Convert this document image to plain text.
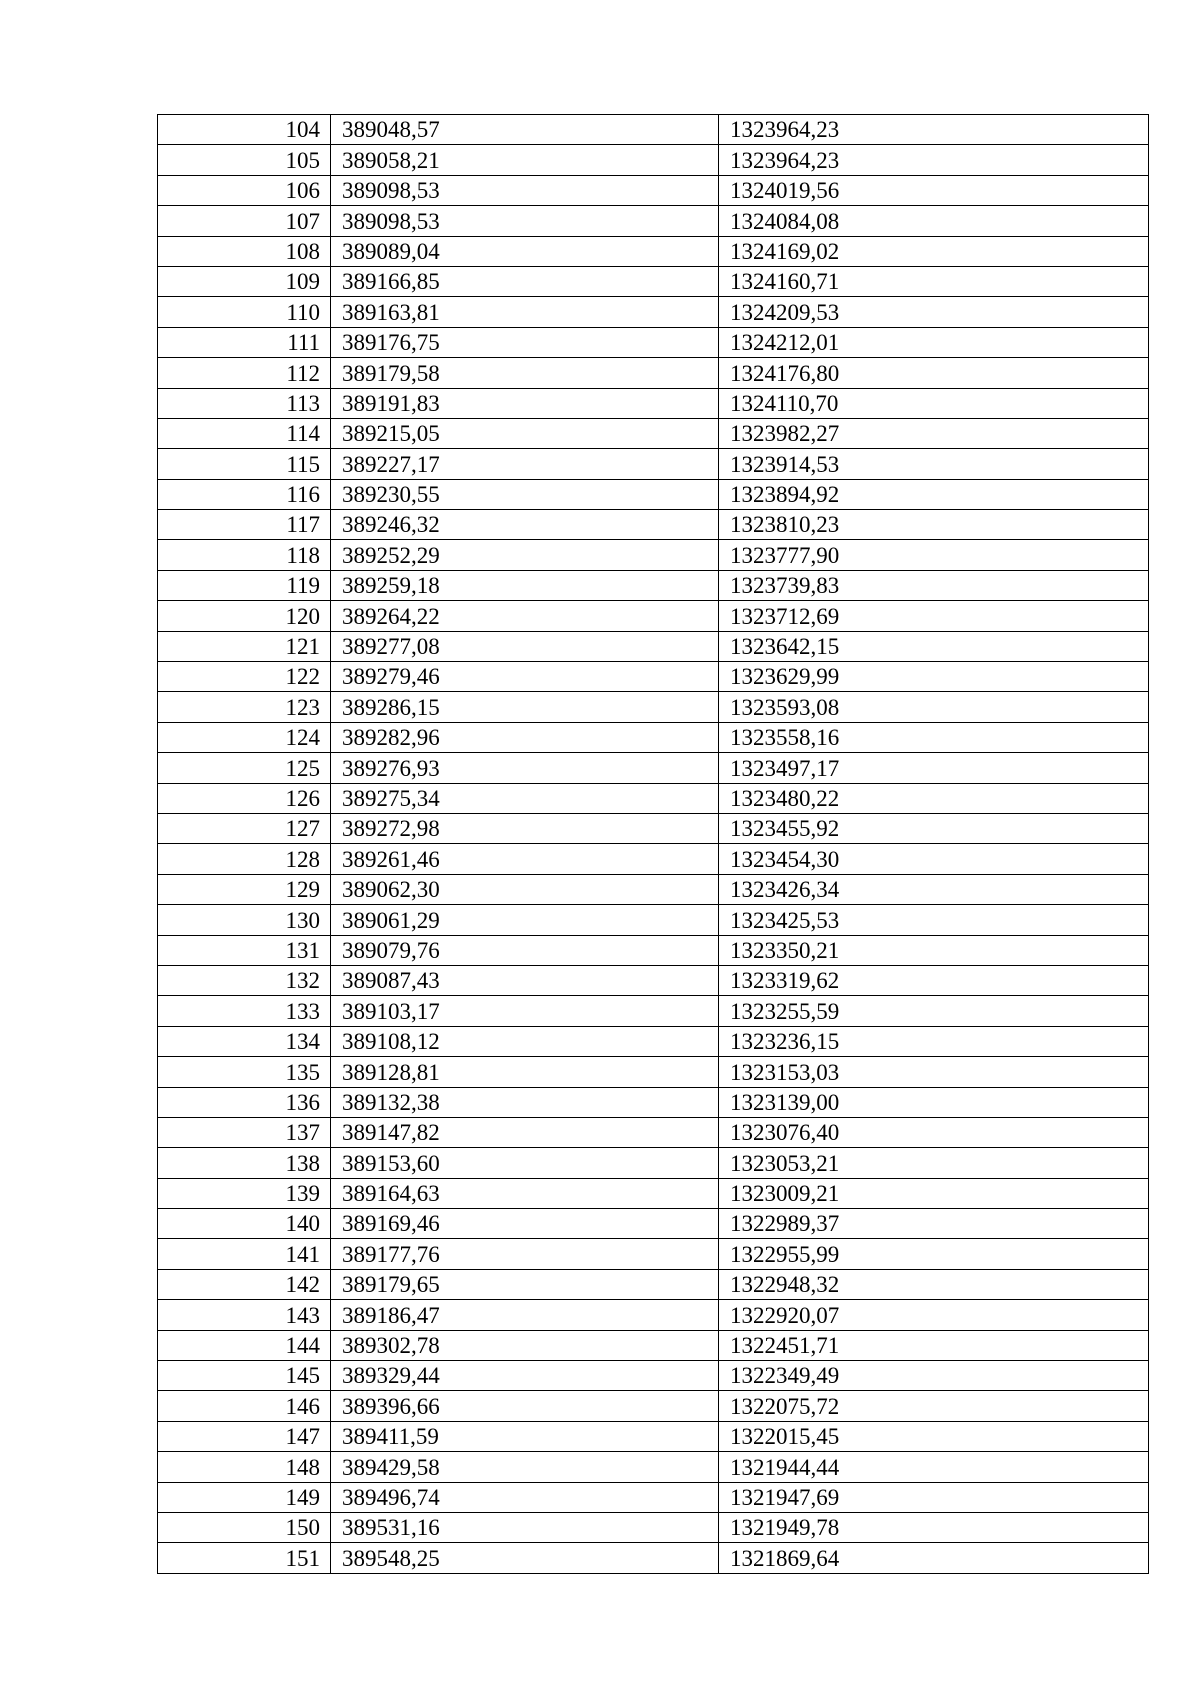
104	389048,57	1323964,23
105	389058,21	1323964,23
106	389098,53	1324019,56
107	389098,53	1324084,08
108	389089,04	1324169,02
109	389166,85	1324160,71
110	389163,81	1324209,53
111	389176,75	1324212,01
112	389179,58	1324176,80
113	389191,83	1324110,70
114	389215,05	1323982,27
115	389227,17	1323914,53
116	389230,55	1323894,92
117	389246,32	1323810,23
118	389252,29	1323777,90
119	389259,18	1323739,83
120	389264,22	1323712,69
121	389277,08	1323642,15
122	389279,46	1323629,99
123	389286,15	1323593,08
124	389282,96	1323558,16
125	389276,93	1323497,17
126	389275,34	1323480,22
127	389272,98	1323455,92
128	389261,46	1323454,30
129	389062,30	1323426,34
130	389061,29	1323425,53
131	389079,76	1323350,21
132	389087,43	1323319,62
133	389103,17	1323255,59
134	389108,12	1323236,15
135	389128,81	1323153,03
136	389132,38	1323139,00
137	389147,82	1323076,40
138	389153,60	1323053,21
139	389164,63	1323009,21
140	389169,46	1322989,37
141	389177,76	1322955,99
142	389179,65	1322948,32
143	389186,47	1322920,07
144	389302,78	1322451,71
145	389329,44	1322349,49
146	389396,66	1322075,72
147	389411,59	1322015,45
148	389429,58	1321944,44
149	389496,74	1321947,69
150	389531,16	1321949,78
151	389548,25	1321869,64
